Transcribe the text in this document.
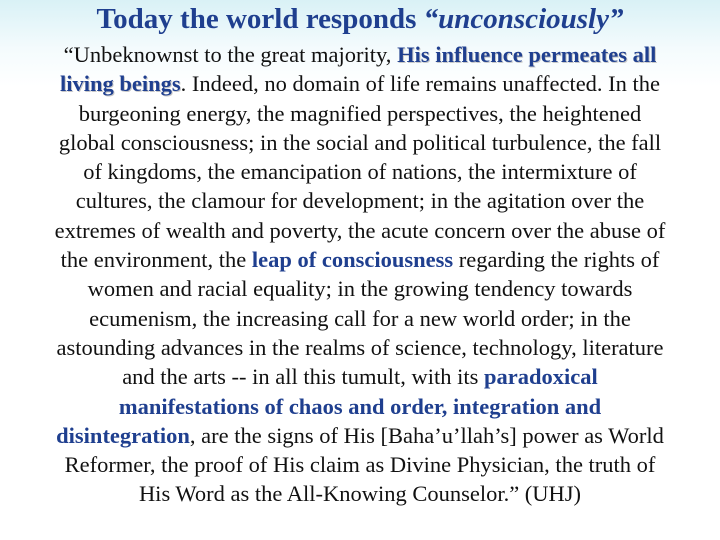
Today the world responds “unconsciously”
“Unbeknownst to the great majority, His influence permeates all
living beings. Indeed, no domain of life remains unaffected. In the
burgeoning energy, the magnified perspectives, the heightened
global consciousness; in the social and political turbulence, the fall
of kingdoms, the emancipation of nations, the intermixture of
cultures, the clamour for development; in the agitation over the
extremes of wealth and poverty, the acute concern over the abuse of
the environment, the leap of consciousness regarding the rights of
women and racial equality; in the growing tendency towards
ecumenism, the increasing call for a new world order; in the
astounding advances in the realms of science, technology, literature
and the arts -- in all this tumult, with its paradoxical
manifestations of chaos and order, integration and
disintegration, are the signs of His [Baha’u’llah’s] power as World
Reformer, the proof of His claim as Divine Physician, the truth of
His Word as the All-Knowing Counselor.” (UHJ)
